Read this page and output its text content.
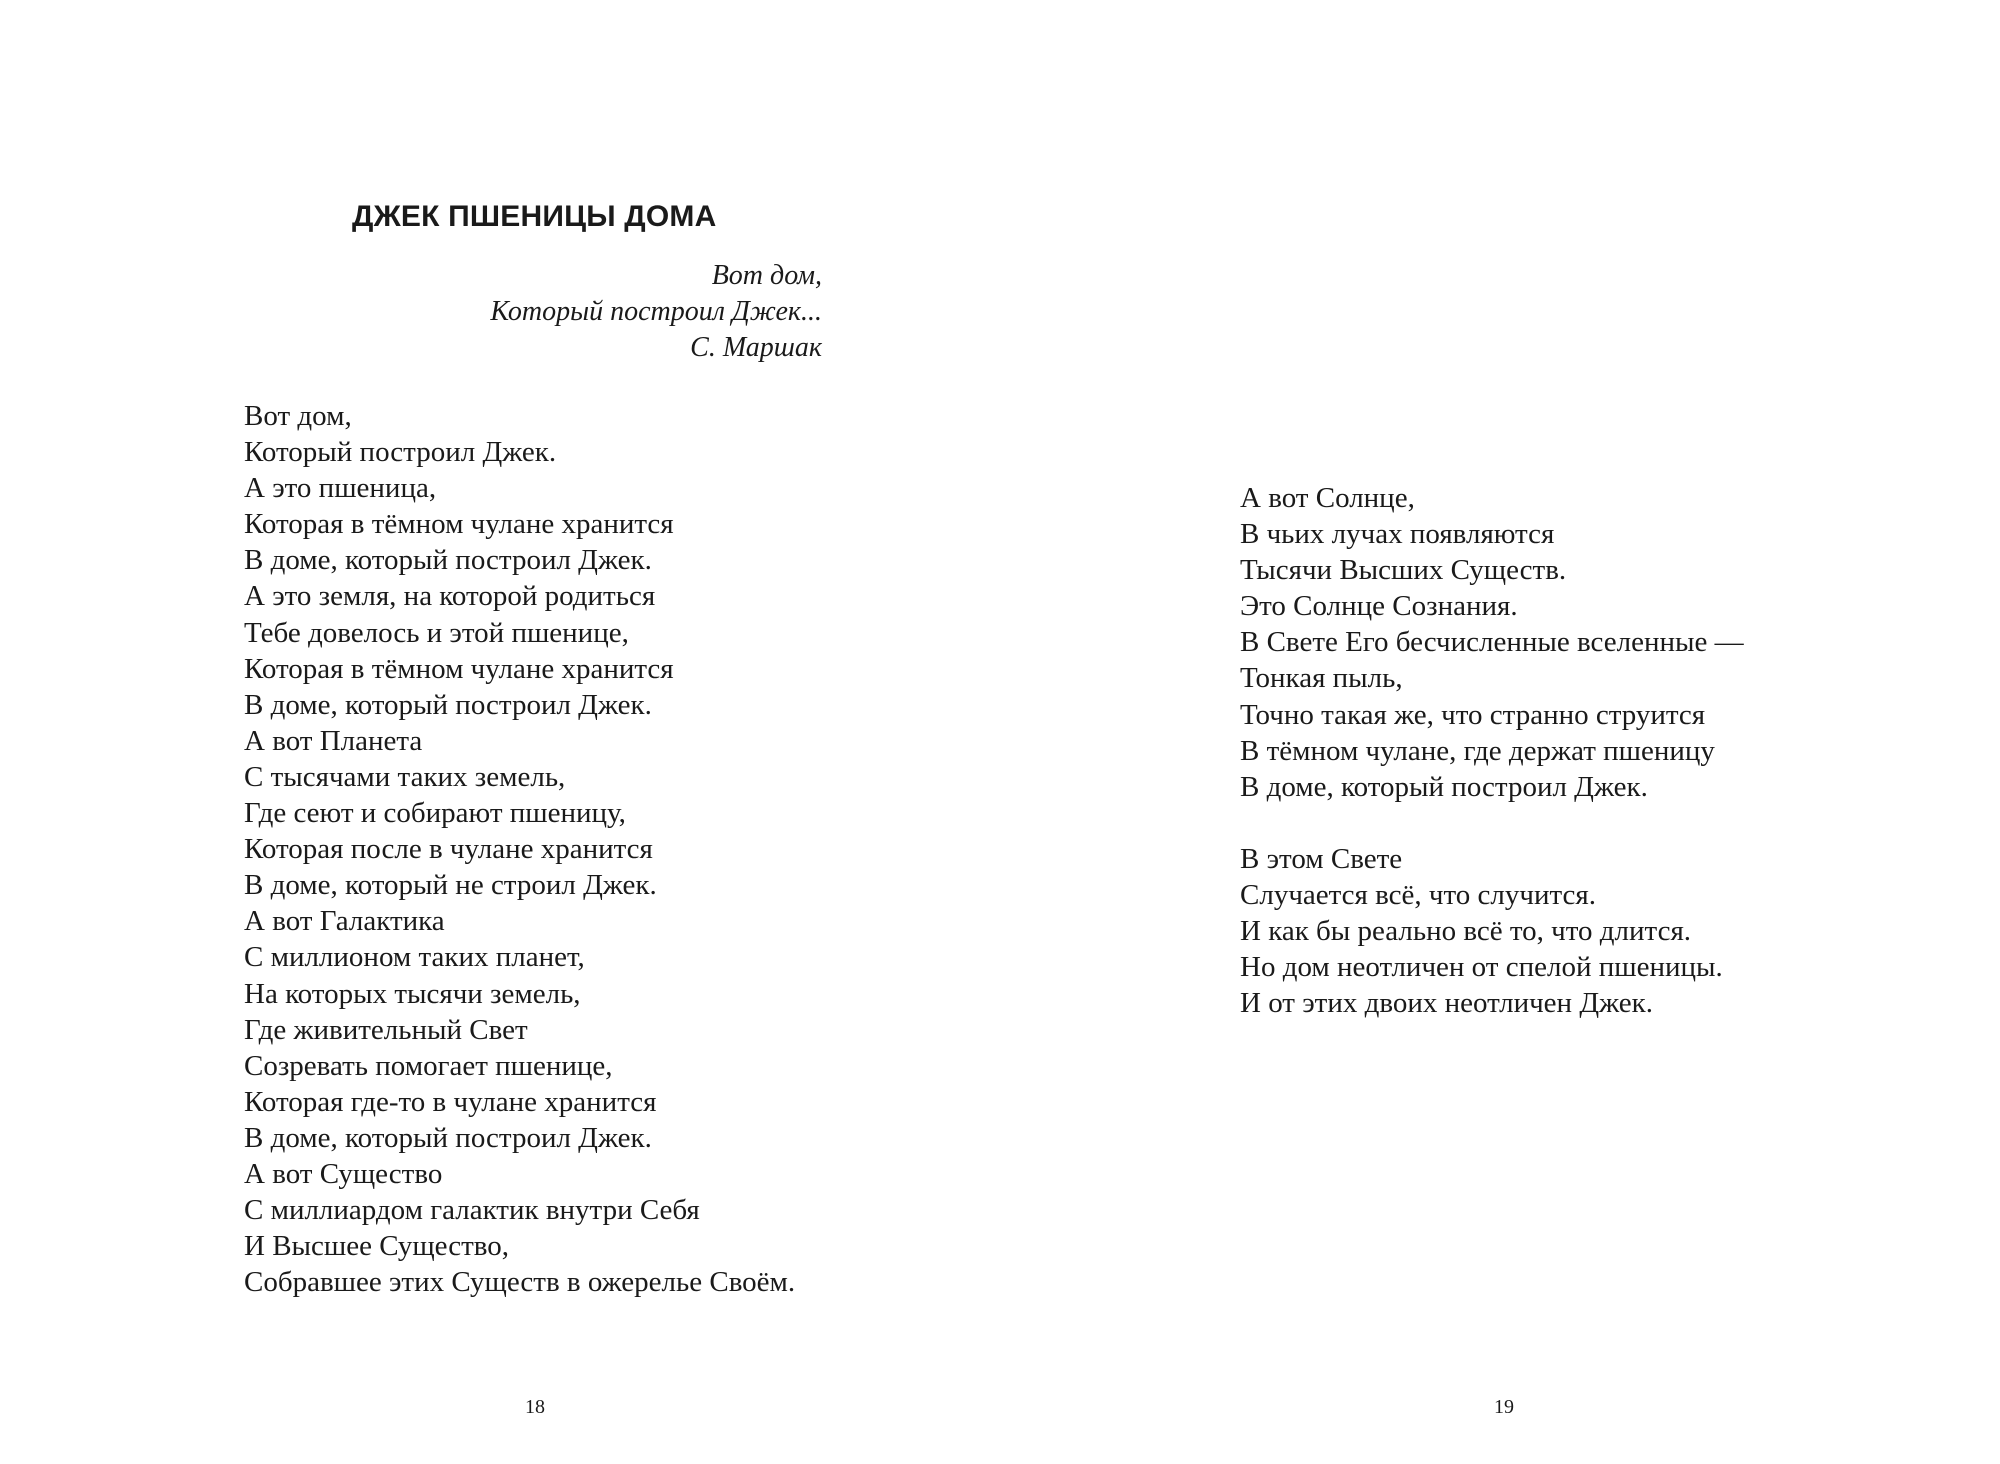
ДЖЕК ПШЕНИЦЫ ДОМА
Вот дом,
Который построил Джек...
С. Маршак
Вот дом,
Который построил Джек.
А это пшеница,
Которая в тёмном чулане хранится
В доме, который построил Джек.
А это земля, на которой родиться
Тебе довелось и этой пшенице,
Которая в тёмном чулане хранится
В доме, который построил Джек.
А вот Планета
С тысячами таких земель,
Где сеют и собирают пшеницу,
Которая после в чулане хранится
В доме, который не строил Джек.
А вот Галактика
С миллионом таких планет,
На которых тысячи земель,
Где живительный Свет
Созревать помогает пшенице,
Которая где-то в чулане хранится
В доме, который построил Джек.
А вот Существо
С миллиардом галактик внутри Себя
И Высшее Существо,
Собравшее этих Существ в ожерелье Своём.
18
А вот Солнце,
В чьих лучах появляются
Тысячи Высших Существ.
Это Солнце Сознания.
В Свете Его бесчисленные вселенные —
Тонкая пыль,
Точно такая же, что странно струится
В тёмном чулане, где держат пшеницу
В доме, который построил Джек.
В этом Свете
Случается всё, что случится.
И как бы реально всё то, что длится.
Но дом неотличен от спелой пшеницы.
И от этих двоих неотличен Джек.
19
